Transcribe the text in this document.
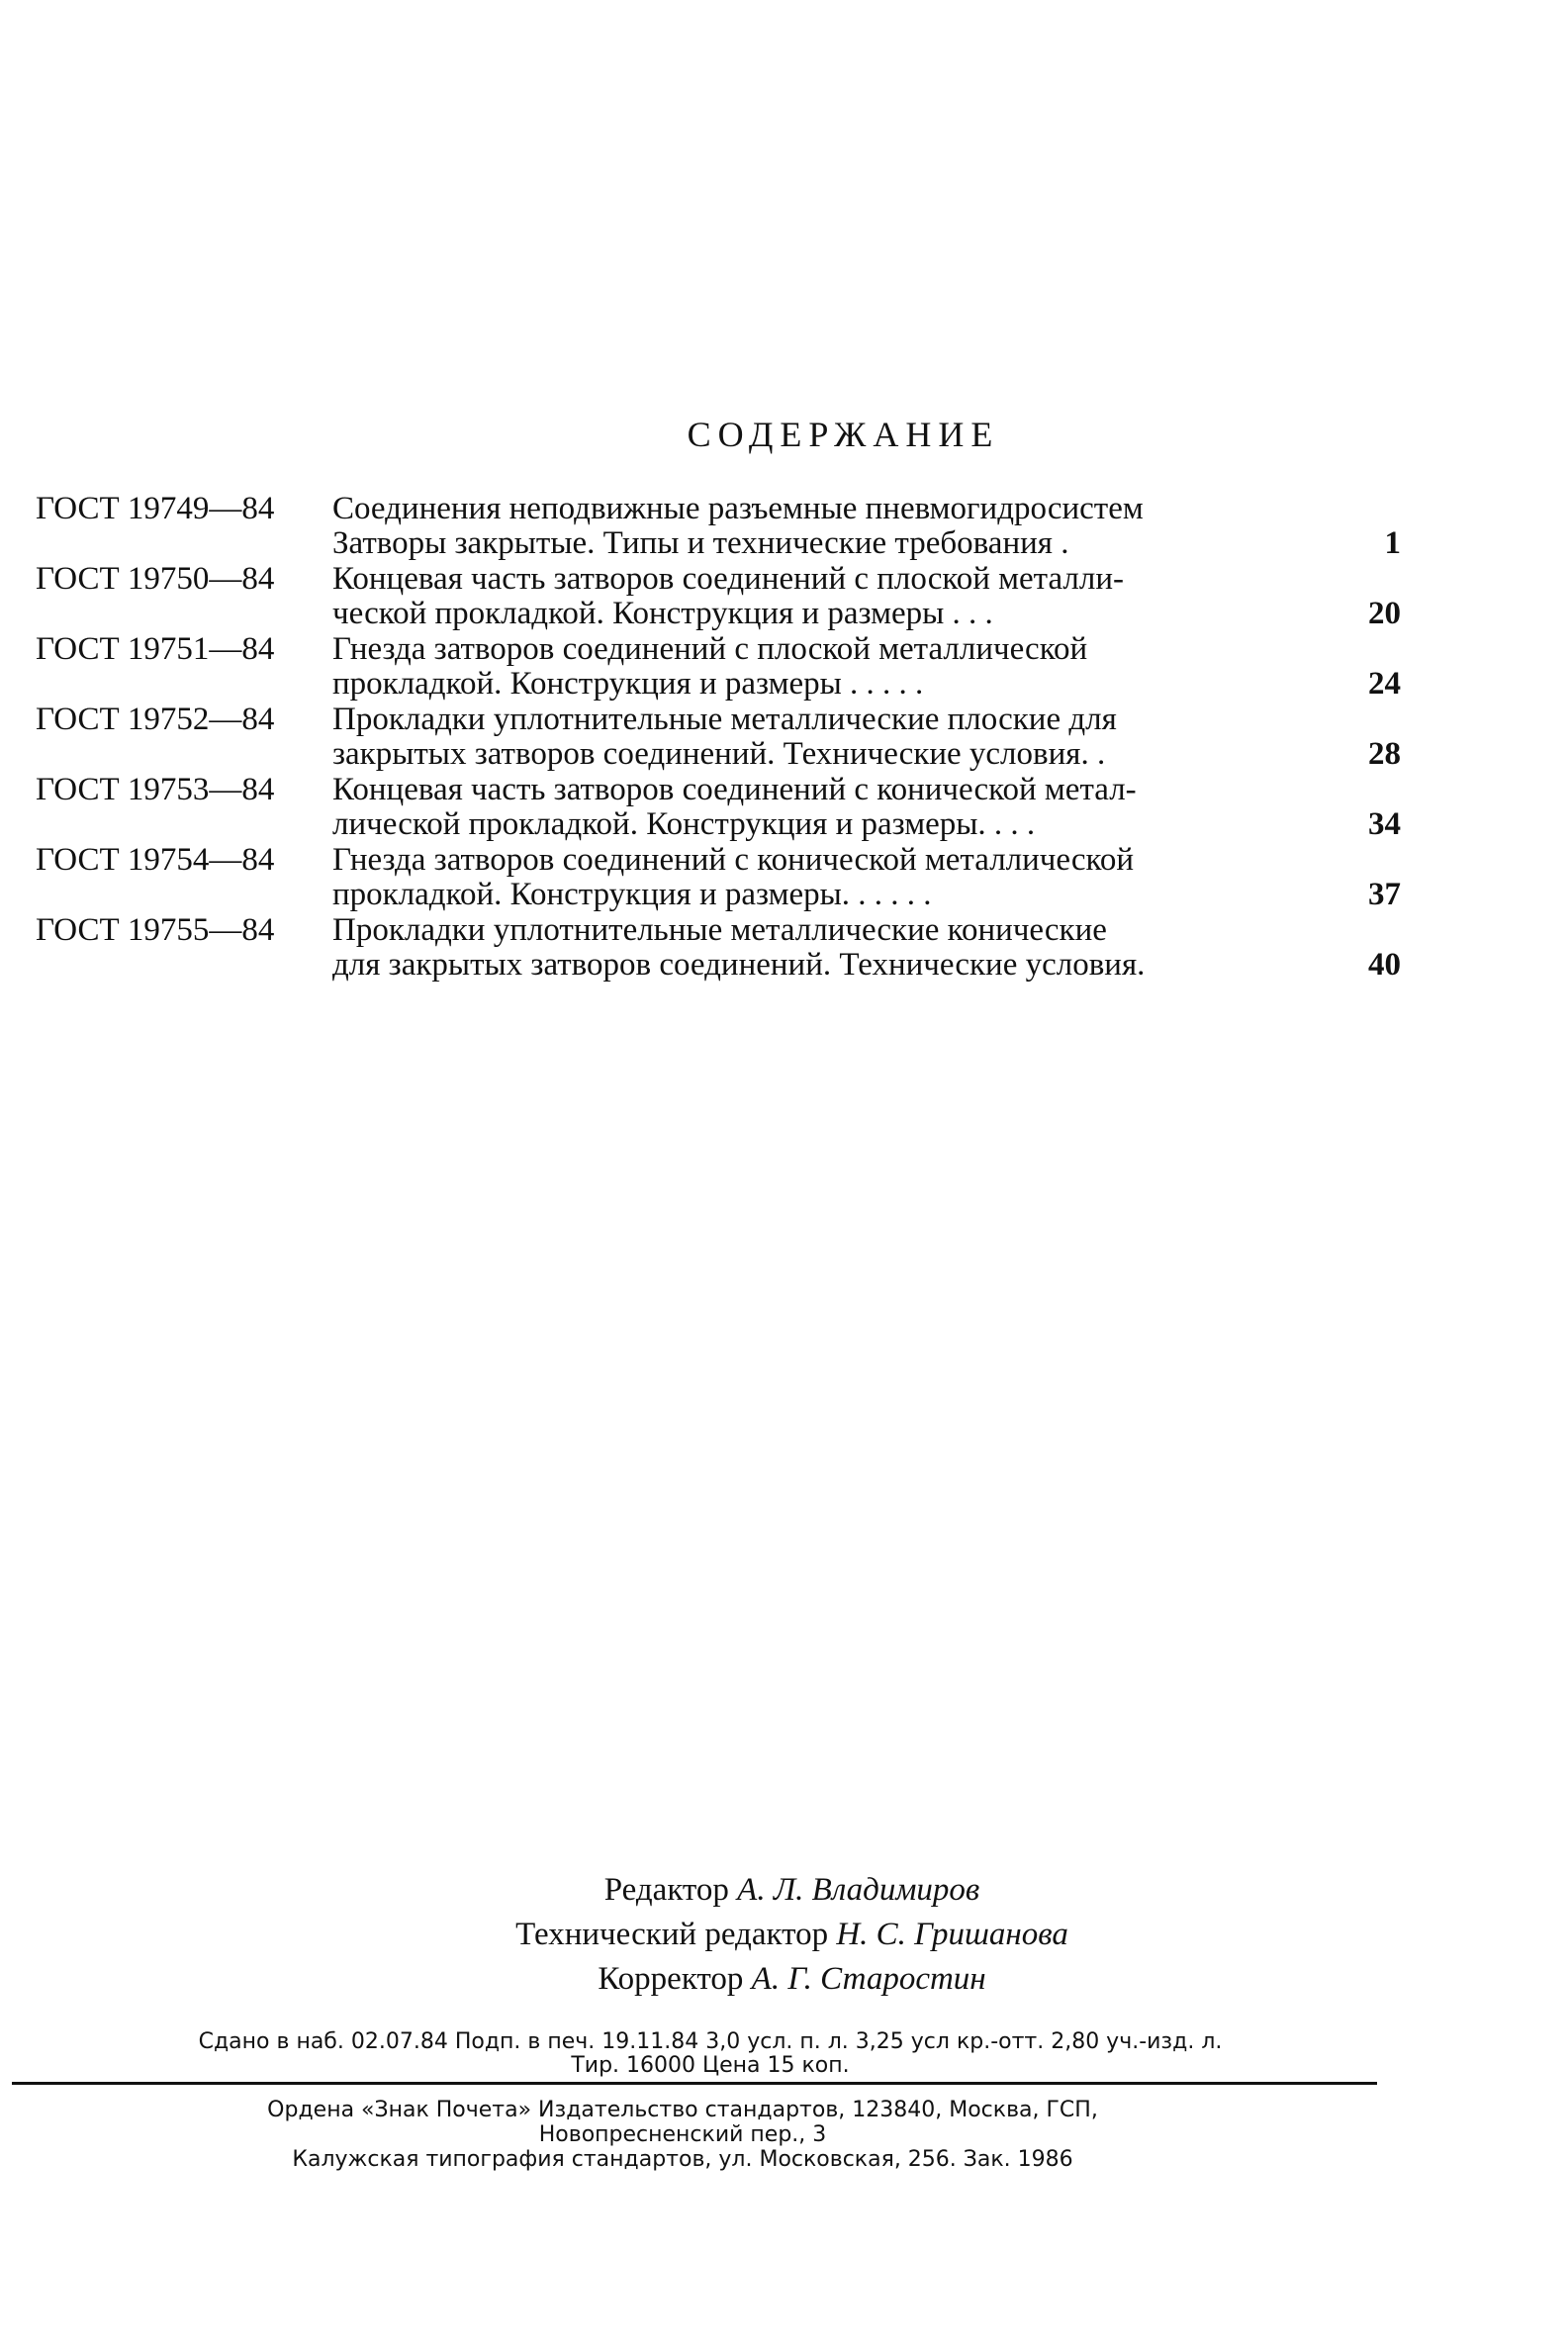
СОДЕРЖАНИЕ
ГОСТ 19749—84	Соединения неподвижные разъемные пневмогидросистем
Затворы закрытые. Типы и технические требования .	1
ГОСТ 19750—84	Концевая часть затворов соединений с плоской металли-
ческой прокладкой. Конструкция и размеры . . .	20
ГОСТ 19751—84	Гнезда затворов соединений с плоской металлической
прокладкой. Конструкция и размеры . . . . .	24
ГОСТ 19752—84	Прокладки уплотнительные металлические плоские для
закрытых затворов соединений. Технические условия. .	28
ГОСТ 19753—84	Концевая часть затворов соединений с конической метал-
лической прокладкой. Конструкция и размеры. . . .	34
ГОСТ 19754—84	Гнезда затворов соединений с конической металлической
прокладкой. Конструкция и размеры. . . . . .	37
ГОСТ 19755—84	Прокладки уплотнительные металлические конические
для закрытых затворов соединений. Технические условия.	40
Редактор А. Л. Владимиров
Технический редактор Н. С. Гришанова
Корректор А. Г. Старостин
Сдано в наб. 02.07.84 Подп. в печ. 19.11.84 3,0 усл. п. л. 3,25 усл кр.-отт. 2,80 уч.-изд. л.
Тир. 16000 Цена 15 коп.
Ордена «Знак Почета» Издательство стандартов, 123840, Москва, ГСП,
Новопресненский пер., 3
Калужская типография стандартов, ул. Московская, 256. Зак. 1986
